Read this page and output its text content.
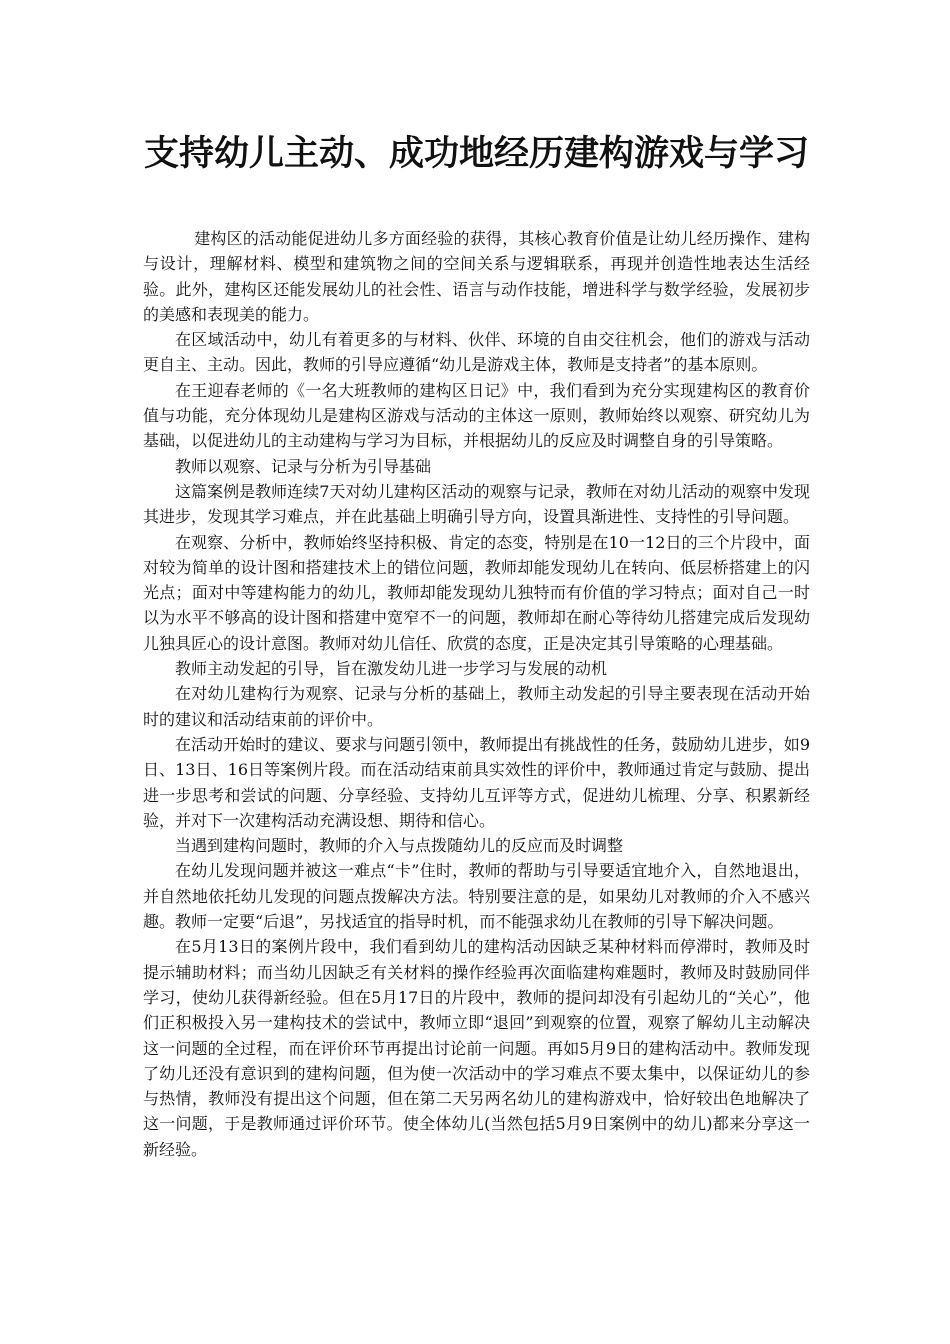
支持幼儿主动、成功地经历建构游戏与学习

建构区的活动能促进幼儿多方面经验的获得，其核心教育价值是让幼儿经历操作、建构与设计，理解材料、模型和建筑物之间的空间关系与逻辑联系，再现并创造性地表达生活经验。此外，建构区还能发展幼儿的社会性、语言与动作技能，增进科学与数学经验，发展初步的美感和表现美的能力。

在区域活动中，幼儿有着更多的与材料、伙伴、环境的自由交往机会，他们的游戏与活动更自主、主动。因此，教师的引导应遵循“幼儿是游戏主体，教师是支持者”的基本原则。

在王迎春老师的《一名大班教师的建构区日记》中，我们看到为充分实现建构区的教育价值与功能，充分体现幼儿是建构区游戏与活动的主体这一原则，教师始终以观察、研究幼儿为基础，以促进幼儿的主动建构与学习为目标，并根据幼儿的反应及时调整自身的引导策略。

教师以观察、记录与分析为引导基础

这篇案例是教师连续7天对幼儿建构区活动的观察与记录，教师在对幼儿活动的观察中发现其进步，发现其学习难点，并在此基础上明确引导方向，设置具渐进性、支持性的引导问题。

在观察、分析中，教师始终坚持积极、肯定的态变，特别是在10一12日的三个片段中，面对较为简单的设计图和搭建技术上的错位问题，教师却能发现幼儿在转向、低层桥搭建上的闪光点；面对中等建构能力的幼儿，教师却能发现幼儿独特而有价值的学习特点；面对自己一时以为水平不够高的设计图和搭建中宽窄不一的问题，教师却在耐心等待幼儿搭建完成后发现幼儿独具匠心的设计意图。教师对幼儿信任、欣赏的态度，正是决定其引导策略的心理基础。

教师主动发起的引导，旨在激发幼儿进一步学习与发展的动机

在对幼儿建构行为观察、记录与分析的基础上，教师主动发起的引导主要表现在活动开始时的建议和活动结束前的评价中。

在活动开始时的建议、要求与问题引领中，教师提出有挑战性的任务，鼓励幼儿进步，如9日、13日、16日等案例片段。而在活动结束前具实效性的评价中，教师通过肯定与鼓励、提出进一步思考和尝试的问题、分享经验、支持幼儿互评等方式，促进幼儿梳理、分享、积累新经验，并对下一次建构活动充满设想、期待和信心。

当遇到建构问题时，教师的介入与点拨随幼儿的反应而及时调整

在幼儿发现问题并被这一难点“卡”住时，教师的帮助与引导要适宜地介入，自然地退出，并自然地依托幼儿发现的问题点拨解决方法。特别要注意的是，如果幼儿对教师的介入不感兴趣。教师一定要“后退”，另找适宜的指导时机，而不能强求幼儿在教师的引导下解决问题。

在5月13日的案例片段中，我们看到幼儿的建构活动因缺乏某种材料而停滞时，教师及时提示辅助材料；而当幼儿因缺乏有关材料的操作经验再次面临建构难题时，教师及时鼓励同伴学习，使幼儿获得新经验。但在5月17日的片段中，教师的提问却没有引起幼儿的“关心”，他们正积极投入另一建构技术的尝试中，教师立即“退回”到观察的位置，观察了解幼儿主动解决这一问题的全过程，而在评价环节再提出讨论前一问题。再如5月9日的建构活动中。教师发现了幼儿还没有意识到的建构问题，但为使一次活动中的学习难点不要太集中，以保证幼儿的参与热情，教师没有提出这个问题，但在第二天另两名幼儿的建构游戏中，恰好较出色地解决了这一问题，于是教师通过评价环节。使全体幼儿(当然包括5月9日案例中的幼儿)都来分享这一新经验。
